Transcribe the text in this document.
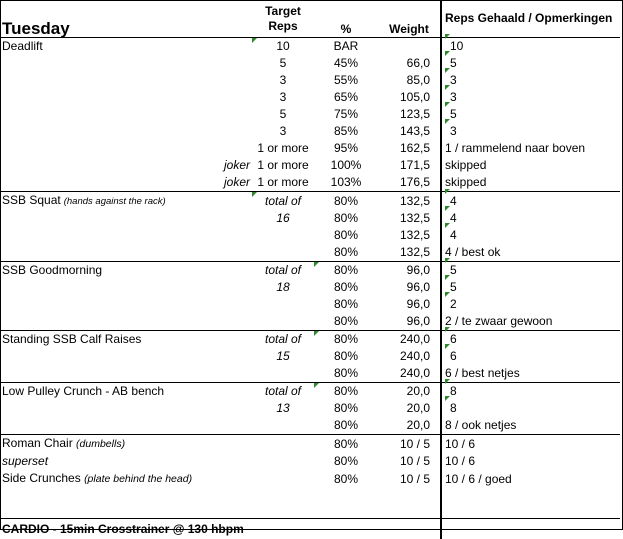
Tuesday	Target Reps	%	Weight	Reps Gehaald / Opmerkingen
Deadlift	10	BAR		10
	5	45%	66,0	5
	3	55%	85,0	3
	3	65%	105,0	3
	5	75%	123,5	5
	3	85%	143,5	3
	1 or more	95%	162,5	1 / rammelend naar boven
joker	1 or more	100%	171,5	skipped
joker	1 or more	103%	176,5	skipped
SSB Squat (hands against the rack)	total of	80%	132,5	4
	16	80%	132,5	4
		80%	132,5	4
		80%	132,5	4 / best ok
SSB Goodmorning	total of	80%	96,0	5
	18	80%	96,0	5
		80%	96,0	2
		80%	96,0	2 / te zwaar gewoon
Standing SSB Calf Raises	total of	80%	240,0	6
	15	80%	240,0	6
		80%	240,0	6 / best netjes
Low Pulley Crunch - AB bench	total of	80%	20,0	8
	13	80%	20,0	8
		80%	20,0	8 / ook netjes
Roman Chair (dumbells)		80%	10 / 5	10 / 6
superset		80%	10 / 5	10 / 6
Side Crunches (plate behind the head)		80%	10 / 5	10 / 6 / goed

CARDIO - 15min Crosstrainer @ 130 hbpm				
